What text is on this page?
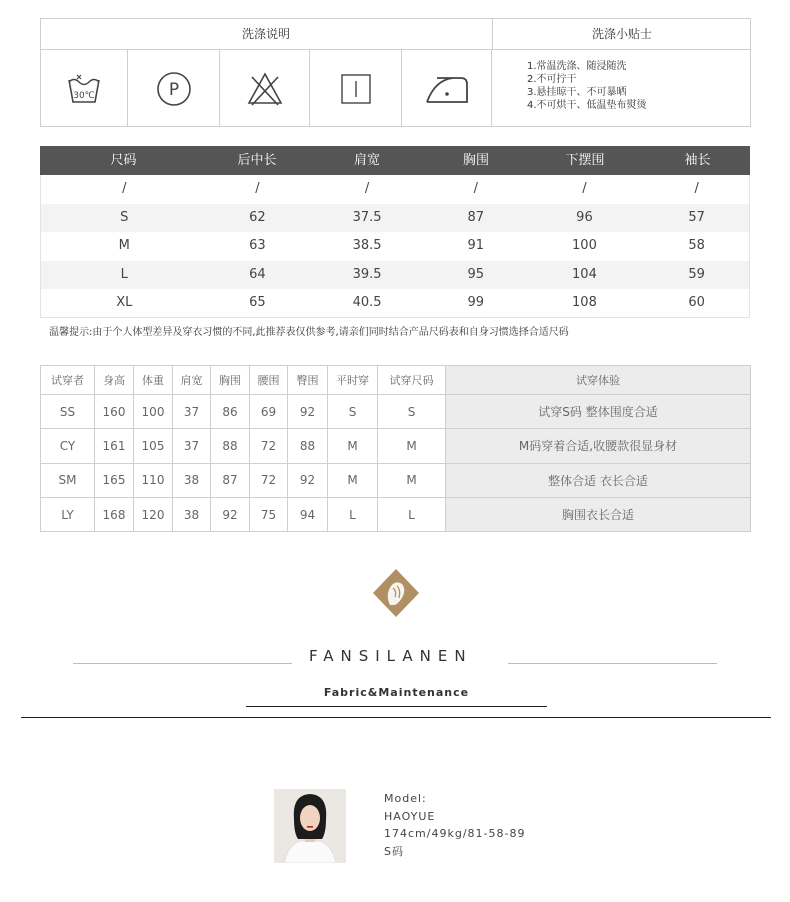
洗涤说明	洗涤小贴士
30℃	P
1.常温洗涤、随浸随洗
2.不可拧干
3.悬挂晾干、不可暴晒
4.不可烘干、低温垫布熨烫
尺码	后中长	肩宽	胸围	下摆围	袖长
/	/	/	/	/	/
S	62	37.5	87	96	57
M	63	38.5	91	100	58
L	64	39.5	95	104	59
XL	65	40.5	99	108	60
温馨提示:由于个人体型差异及穿衣习惯的不同,此推荐表仅供参考,请亲们同时结合产品尺码表和自身习惯选择合适尺码
试穿者	身高	体重	肩宽	胸围	腰围	臀围	平时穿	试穿尺码	试穿体验
SS	160	100	37	86	69	92	S	S	试穿S码 整体围度合适
CY	161	105	37	88	72	88	M	M	M码穿着合适,收腰款很显身材
SM	165	110	38	87	72	92	M	M	整体合适 衣长合适
LY	168	120	38	92	75	94	L	L	胸围衣长合适
FANSILANEN
Fabric&Maintenance
Model:
HAOYUE
174cm/49kg/81-58-89
S码
